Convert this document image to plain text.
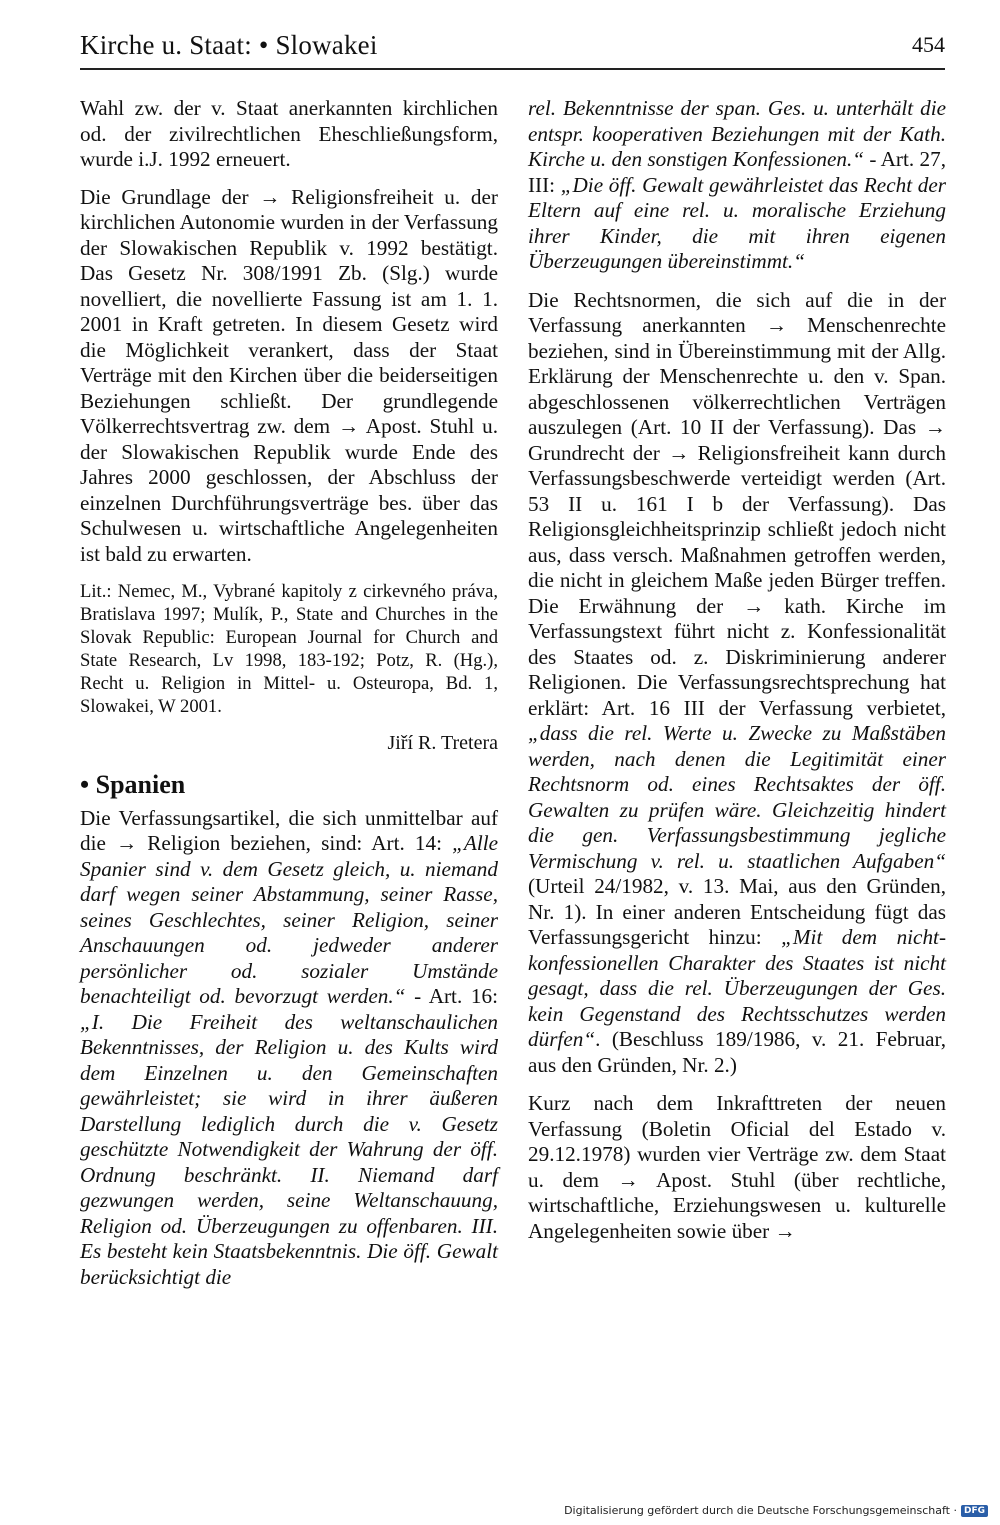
Kirche u. Staat: • Slowakei	454

Wahl zw. der v. Staat anerkannten kirchlichen od. der zivilrechtlichen Eheschließungsform, wurde i.J. 1992 erneuert.

Die Grundlage der → Religionsfreiheit u. der kirchlichen Autonomie wurden in der Verfassung der Slowakischen Republik v. 1992 bestätigt. Das Gesetz Nr. 308/1991 Zb. (Slg.) wurde novelliert, die novellierte Fassung ist am 1. 1. 2001 in Kraft getreten. In diesem Gesetz wird die Möglichkeit verankert, dass der Staat Verträge mit den Kirchen über die beiderseitigen Beziehungen schließt. Der grundlegende Völkerrechtsvertrag zw. dem → Apost. Stuhl u. der Slowakischen Republik wurde Ende des Jahres 2000 geschlossen, der Abschluss der einzelnen Durchführungsverträge bes. über das Schulwesen u. wirtschaftliche Angelegenheiten ist bald zu erwarten.

Lit.: Nemec, M., Vybrané kapitoly z cirkevného práva, Bratislava 1997; Mulík, P., State and Churches in the Slovak Republic: European Journal for Church and State Research, Lv 1998, 183-192; Potz, R. (Hg.), Recht u. Religion in Mittel- u. Osteuropa, Bd. 1, Slowakei, W 2001.

Jiří R. Tretera

• Spanien

Die Verfassungsartikel, die sich unmittelbar auf die → Religion beziehen, sind: Art. 14: „Alle Spanier sind v. dem Gesetz gleich, u. niemand darf wegen seiner Abstammung, seiner Rasse, seines Geschlechtes, seiner Religion, seiner Anschauungen od. jedweder anderer persönlicher od. sozialer Umstände benachteiligt od. bevorzugt werden.“ - Art. 16: „I. Die Freiheit des weltanschaulichen Bekenntnisses, der Religion u. des Kults wird dem Einzelnen u. den Gemeinschaften gewährleistet; sie wird in ihrer äußeren Darstellung lediglich durch die v. Gesetz geschützte Notwendigkeit der Wahrung der öff. Ordnung beschränkt. II. Niemand darf gezwungen werden, seine Weltanschauung, Religion od. Überzeugungen zu offenbaren. III. Es besteht kein Staatsbekenntnis. Die öff. Gewalt berücksichtigt die

rel. Bekenntnisse der span. Ges. u. unterhält die entspr. kooperativen Beziehungen mit der Kath. Kirche u. den sonstigen Konfessionen.“ - Art. 27, III: „Die öff. Gewalt gewährleistet das Recht der Eltern auf eine rel. u. moralische Erziehung ihrer Kinder, die mit ihren eigenen Überzeugungen übereinstimmt.“

Die Rechtsnormen, die sich auf die in der Verfassung anerkannten → Menschenrechte beziehen, sind in Übereinstimmung mit der Allg. Erklärung der Menschenrechte u. den v. Span. abgeschlossenen völkerrechtlichen Verträgen auszulegen (Art. 10 II der Verfassung). Das → Grundrecht der → Religionsfreiheit kann durch Verfassungsbeschwerde verteidigt werden (Art. 53 II u. 161 I b der Verfassung). Das Religionsgleichheitsprinzip schließt jedoch nicht aus, dass versch. Maßnahmen getroffen werden, die nicht in gleichem Maße jeden Bürger treffen. Die Erwähnung der → kath. Kirche im Verfassungstext führt nicht z. Konfessionalität des Staates od. z. Diskriminierung anderer Religionen. Die Verfassungsrechtsprechung hat erklärt: Art. 16 III der Verfassung verbietet, „dass die rel. Werte u. Zwecke zu Maßstäben werden, nach denen die Legitimität einer Rechtsnorm od. eines Rechtsaktes der öff. Gewalten zu prüfen wäre. Gleichzeitig hindert die gen. Verfassungsbestimmung jegliche Vermischung v. rel. u. staatlichen Aufgaben“ (Urteil 24/1982, v. 13. Mai, aus den Gründen, Nr. 1). In einer anderen Entscheidung fügt das Verfassungsgericht hinzu: „Mit dem nicht-konfessionellen Charakter des Staates ist nicht gesagt, dass die rel. Überzeugungen der Ges. kein Gegenstand des Rechtsschutzes werden dürfen“. (Beschluss 189/1986, v. 21. Februar, aus den Gründen, Nr. 2.)

Kurz nach dem Inkrafttreten der neuen Verfassung (Boletin Oficial del Estado v. 29.12.1978) wurden vier Verträge zw. dem Staat u. dem → Apost. Stuhl (über rechtliche, wirtschaftliche, Erziehungswesen u. kulturelle Angelegenheiten sowie über →

Digitalisierung gefördert durch die Deutsche Forschungsgemeinschaft · DFG
